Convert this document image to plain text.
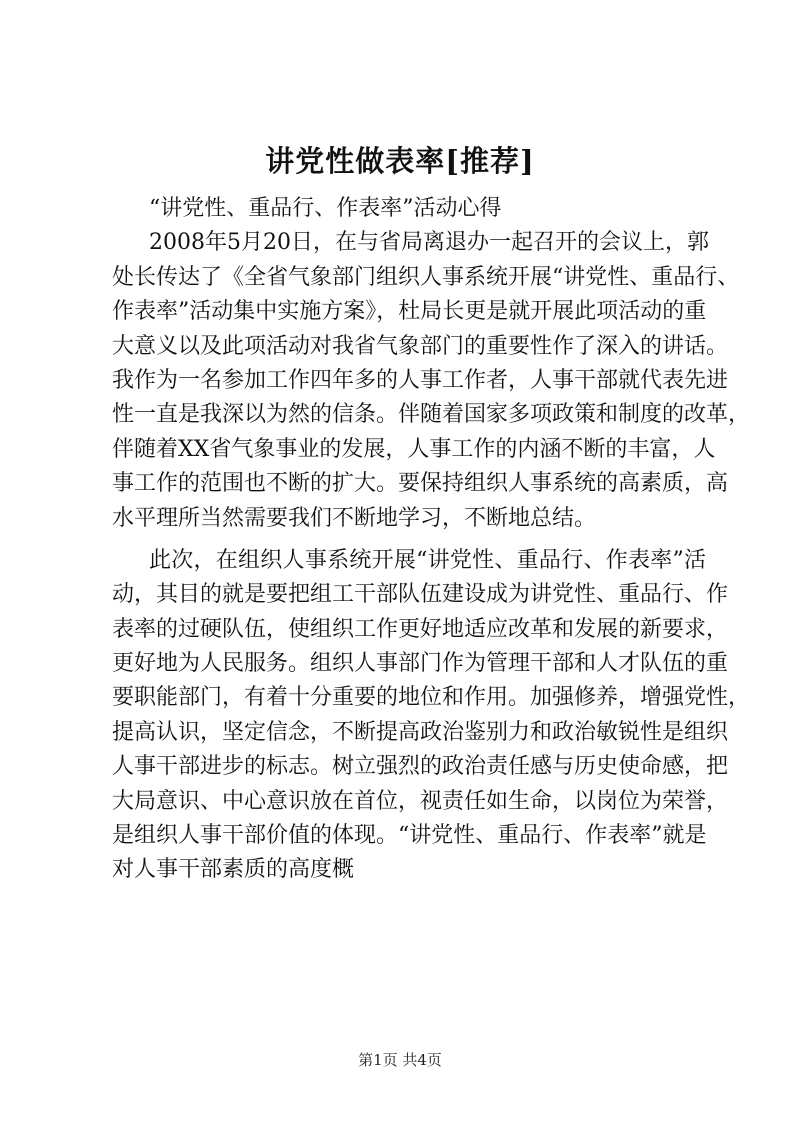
讲党性做表率[推荐]
“讲党性、重品行、作表率”活动心得
2008年5月20日，在与省局离退办一起召开的会议上，郭
处长传达了《全省气象部门组织人事系统开展“讲党性、重品行、
作表率”活动集中实施方案》，杜局长更是就开展此项活动的重
大意义以及此项活动对我省气象部门的重要性作了深入的讲话。
我作为一名参加工作四年多的人事工作者，人事干部就代表先进
性一直是我深以为然的信条。伴随着国家多项政策和制度的改革，
伴随着XX省气象事业的发展，人事工作的内涵不断的丰富，人
事工作的范围也不断的扩大。要保持组织人事系统的高素质，高
水平理所当然需要我们不断地学习，不断地总结。
此次，在组织人事系统开展“讲党性、重品行、作表率”活
动，其目的就是要把组工干部队伍建设成为讲党性、重品行、作
表率的过硬队伍，使组织工作更好地适应改革和发展的新要求，
更好地为人民服务。组织人事部门作为管理干部和人才队伍的重
要职能部门，有着十分重要的地位和作用。加强修养，增强党性，
提高认识，坚定信念，不断提高政治鉴别力和政治敏锐性是组织
人事干部进步的标志。树立强烈的政治责任感与历史使命感，把
大局意识、中心意识放在首位，视责任如生命，以岗位为荣誉，
是组织人事干部价值的体现。“讲党性、重品行、作表率”就是
对人事干部素质的高度概
第1页 共4页
